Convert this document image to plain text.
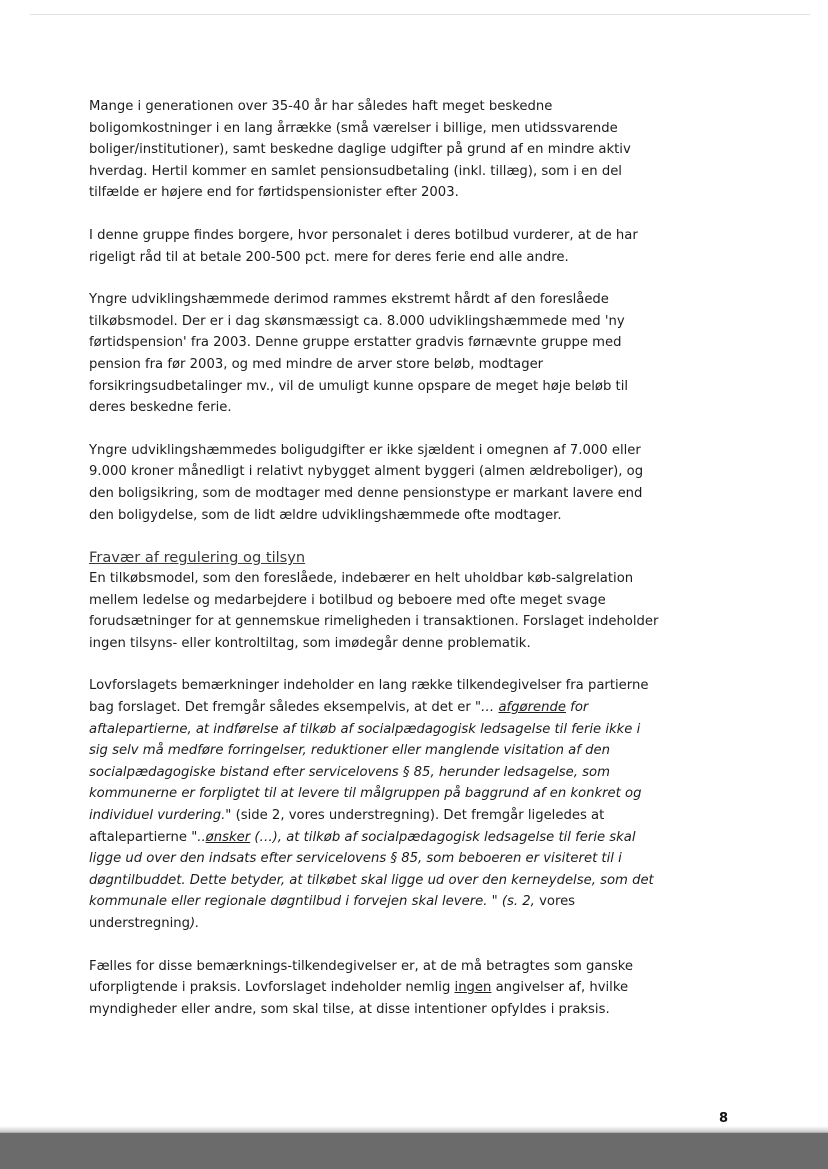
Mange i generationen over 35-40 år har således haft meget beskedne boligomkostninger i en lang årrække (små værelser i billige, men utidssvarende boliger/institutioner), samt beskedne daglige udgifter på grund af en mindre aktiv hverdag. Hertil kommer en samlet pensionsudbetaling (inkl. tillæg), som i en del tilfælde er højere end for førtidspensionister efter 2003.

I denne gruppe findes borgere, hvor personalet i deres botilbud vurderer, at de har rigeligt råd til at betale 200-500 pct. mere for deres ferie end alle andre.

Yngre udviklingshæmmede derimod rammes ekstremt hårdt af den foreslåede tilkøbsmodel. Der er i dag skønsmæssigt ca. 8.000 udviklingshæmmede med 'ny førtidspension' fra 2003. Denne gruppe erstatter gradvis førnævnte gruppe med pension fra før 2003, og med mindre de arver store beløb, modtager forsikringsudbetalinger mv., vil de umuligt kunne opspare de meget høje beløb til deres beskedne ferie.

Yngre udviklingshæmmedes boligudgifter er ikke sjældent i omegnen af 7.000 eller 9.000 kroner månedligt i relativt nybygget alment byggeri (almen ældreboliger), og den boligsikring, som de modtager med denne pensionstype er markant lavere end den boligydelse, som de lidt ældre udviklingshæmmede ofte modtager.

Fravær af regulering og tilsyn

En tilkøbsmodel, som den foreslåede, indebærer en helt uholdbar køb-salgrelation mellem ledelse og medarbejdere i botilbud og beboere med ofte meget svage forudsætninger for at gennemskue rimeligheden i transaktionen. Forslaget indeholder ingen tilsyns- eller kontroltiltag, som imødegår denne problematik.

Lovforslagets bemærkninger indeholder en lang række tilkendegivelser fra partierne bag forslaget. Det fremgår således eksempelvis, at det er "… afgørende for aftalepartierne, at indførelse af tilkøb af socialpædagogisk ledsagelse til ferie ikke i sig selv må medføre forringelser, reduktioner eller manglende visitation af den socialpædagogiske bistand efter servicelovens § 85, herunder ledsagelse, som kommunerne er forpligtet til at levere til målgruppen på baggrund af en konkret og individuel vurdering." (side 2, vores understregning). Det fremgår ligeledes at aftalepartierne "..ønsker (…), at tilkøb af socialpædagogisk ledsagelse til ferie skal ligge ud over den indsats efter servicelovens § 85, som beboeren er visiteret til i døgntilbuddet. Dette betyder, at tilkøbet skal ligge ud over den kerneydelse, som det kommunale eller regionale døgntilbud i forvejen skal levere. " (s. 2, vores understregning).

Fælles for disse bemærknings-tilkendegivelser er, at de må betragtes som ganske uforpligtende i praksis. Lovforslaget indeholder nemlig ingen angivelser af, hvilke myndigheder eller andre, som skal tilse, at disse intentioner opfyldes i praksis.

8
